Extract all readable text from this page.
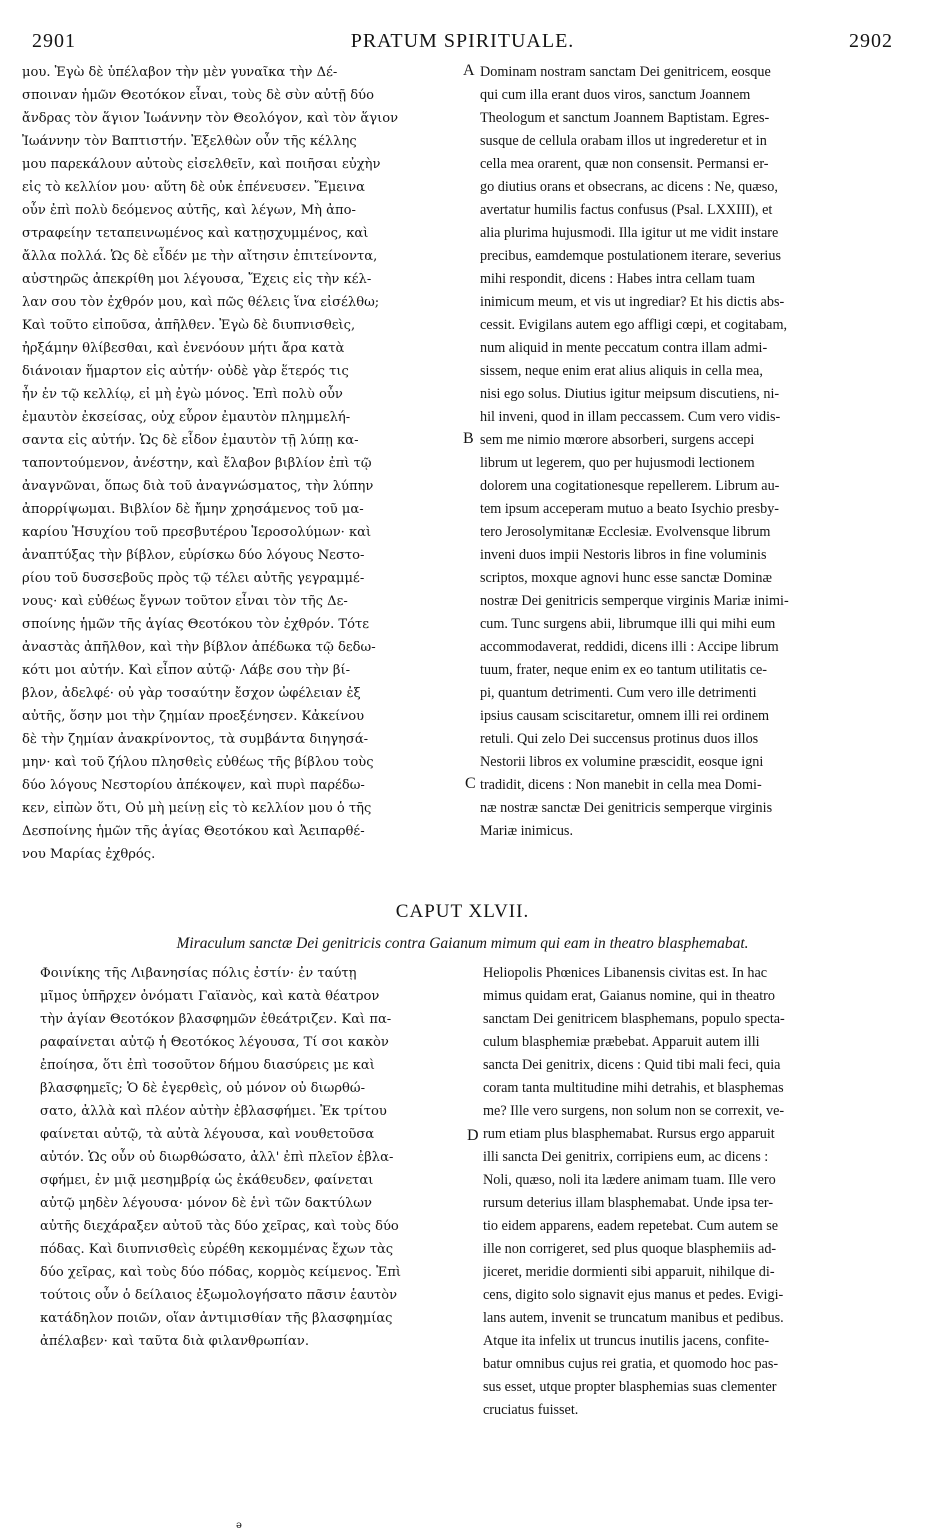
2901	PRATUM SPIRITUALE.	2902
μου. Ἐγὼ δὲ ὑπέλαβον τὴν μὲν γυναῖκα τὴν Δέ-
σποιναν ἡμῶν Θεοτόκον εἶναι, τοὺς δὲ σὺν αὐτῇ δύο
ἄνδρας τὸν ἅγιον Ἰωάννην τὸν Θεολόγον, καὶ τὸν ἅγιον
Ἰωάννην τὸν Βαπτιστήν. Ἐξελθὼν οὖν τῆς κέλλης
μου παρεκάλουν αὐτοὺς εἰσελθεῖν, καὶ ποιῆσαι εὐχὴν
εἰς τὸ κελλίον μου· αὕτη δὲ οὐκ ἐπένευσεν. Ἔμεινα
οὖν ἐπὶ πολὺ δεόμενος αὐτῆς, καὶ λέγων, Μὴ ἀπο-
στραφείην τεταπεινωμένος καὶ κατῃσχυμμένος, καὶ
ἄλλα πολλά. Ὡς δὲ εἶδέν με τὴν αἴτησιν ἐπιτείνοντα,
αὐστηρῶς ἀπεκρίθη μοι λέγουσα, Ἔχεις εἰς τὴν κέλ-
λαν σου τὸν ἐχθρόν μου, καὶ πῶς θέλεις ἵνα εἰσέλθω;
Καὶ τοῦτο εἰποῦσα, ἀπῆλθεν. Ἐγὼ δὲ διυπνισθεὶς,
ἠρξάμην θλίβεσθαι, καὶ ἐνενόουν μήτι ἄρα κατὰ
διάνοιαν ἥμαρτον εἰς αὐτήν· οὐδὲ γὰρ ἕτερός τις
ἦν ἐν τῷ κελλίῳ, εἰ μὴ ἐγὼ μόνος. Ἐπὶ πολὺ οὖν
ἐμαυτὸν ἐκσείσας, οὐχ εὗρον ἐμαυτὸν πλημμελή-
σαντα εἰς αὐτήν. Ὡς δὲ εἶδον ἐμαυτὸν τῇ λύπῃ κα-
ταποντούμενον, ἀνέστην, καὶ ἔλαβον βιβλίον ἐπὶ τῷ
ἀναγνῶναι, ὅπως διὰ τοῦ ἀναγνώσματος, τὴν λύπην
ἀπορρίψωμαι. Βιβλίον δὲ ἤμην χρησάμενος τοῦ μα-
καρίου Ἡσυχίου τοῦ πρεσβυτέρου Ἱεροσολύμων· καὶ
ἀναπτύξας τὴν βίβλον, εὑρίσκω δύο λόγους Νεστο-
ρίου τοῦ δυσσεβοῦς πρὸς τῷ τέλει αὐτῆς γεγραμμέ-
νους· καὶ εὐθέως ἔγνων τοῦτον εἶναι τὸν τῆς Δε-
σποίνης ἡμῶν τῆς ἁγίας Θεοτόκου τὸν ἐχθρόν. Τότε
ἀναστὰς ἀπῆλθον, καὶ τὴν βίβλον ἀπέδωκα τῷ δεδω-
κότι μοι αὐτήν. Καὶ εἶπον αὐτῷ· Λάβε σου τὴν βί-
βλον, ἀδελφέ· οὐ γὰρ τοσαύτην ἔσχον ὠφέλειαν ἐξ
αὐτῆς, ὅσην μοι τὴν ζημίαν προεξένησεν. Κἀκείνου
δὲ τὴν ζημίαν ἀνακρίνοντος, τὰ συμβάντα διηγησά-
μην· καὶ τοῦ ζήλου πλησθεὶς εὐθέως τῆς βίβλου τοὺς
δύο λόγους Νεστορίου ἀπέκοψεν, καὶ πυρὶ παρέδω-
κεν, εἰπὼν ὅτι, Οὐ μὴ μείνῃ εἰς τὸ κελλίον μου ὁ τῆς
Δεσποίνης ἡμῶν τῆς ἁγίας Θεοτόκου καὶ Ἀειπαρθέ-
νου Μαρίας ἐχθρός.
Dominam nostram sanctam Dei genitricem, eosque
qui cum illa erant duos viros, sanctum Joannem
Theologum et sanctum Joannem Baptistam. Egres-
susque de cellula orabam illos ut ingrederetur et in
cella mea orarent, quæ non consensit. Permansi er-
go diutius orans et obsecrans, ac dicens : Ne, quæso,
avertatur humilis factus confusus (Psal. LXXIII), et
alia plurima hujusmodi. Illa igitur ut me vidit instare
precibus, eamdemque postulationem iterare, severius
mihi respondit, dicens : Habes intra cellam tuam
inimicum meum, et vis ut ingrediar? Et his dictis abs-
cessit. Evigilans autem ego affligi cœpi, et cogitabam,
num aliquid in mente peccatum contra illam admi-
sissem, neque enim erat alius aliquis in cella mea,
nisi ego solus. Diutius igitur meipsum discutiens, ni-
hil inveni, quod in illam peccassem. Cum vero vidis-
sem me nimio mœrore absorberi, surgens accepi
librum ut legerem, quo per hujusmodi lectionem
dolorem una cogitationesque repellerem. Librum au-
tem ipsum acceperam mutuo a beato Isychio presby-
tero Jerosolymitanæ Ecclesiæ. Evolvensque librum
inveni duos impii Nestoris libros in fine voluminis
scriptos, moxque agnovi hunc esse sanctæ Dominæ
nostræ Dei genitricis semperque virginis Mariæ inimi-
cum. Tunc surgens abii, librumque illi qui mihi eum
accommodaverat, reddidi, dicens illi : Accipe librum
tuum, frater, neque enim ex eo tantum utilitatis ce-
pi, quantum detrimenti. Cum vero ille detrimenti
ipsius causam sciscitaretur, omnem illi rei ordinem
retuli. Qui zelo Dei succensus protinus duos illos
Nestorii libros ex volumine præscidit, eosque igni
tradidit, dicens : Non manebit in cella mea Domi-
næ nostræ sanctæ Dei genitricis semperque virginis
Mariæ inimicus.
A
B
C
CAPUT XLVII.
Miraculum sanctæ Dei genitricis contra Gaianum mimum qui eam in theatro blasphemabat.
Φοινίκης τῆς Λιβανησίας πόλις ἐστίν· ἐν ταύτῃ
μῖμος ὑπῆρχεν ὀνόματι Γαϊανὸς, καὶ κατὰ θέατρον
τὴν ἁγίαν Θεοτόκον βλασφημῶν ἐθεάτριζεν. Καὶ πα-
ραφαίνεται αὐτῷ ἡ Θεοτόκος λέγουσα, Τί σοι κακὸν
ἐποίησα, ὅτι ἐπὶ τοσοῦτον δήμου διασύρεις με καὶ
βλασφημεῖς; Ὁ δὲ ἐγερθεὶς, οὐ μόνον οὐ διωρθώ-
σατο, ἀλλὰ καὶ πλέον αὐτὴν ἐβλασφήμει. Ἐκ τρίτου
φαίνεται αὐτῷ, τὰ αὐτὰ λέγουσα, καὶ νουθετοῦσα
αὐτόν. Ὡς οὖν οὐ διωρθώσατο, ἀλλ' ἐπὶ πλεῖον ἐβλα-
σφήμει, ἐν μιᾷ μεσημβρίᾳ ὡς ἐκάθευδεν, φαίνεται
αὐτῷ μηδὲν λέγουσα· μόνον δὲ ἑνὶ τῶν δακτύλων
αὐτῆς διεχάραξεν αὐτοῦ τὰς δύο χεῖρας, καὶ τοὺς δύο
πόδας. Καὶ διυπνισθεὶς εὑρέθη κεκομμένας ἔχων τὰς
δύο χεῖρας, καὶ τοὺς δύο πόδας, κορμὸς κείμενος. Ἐπὶ
τούτοις οὖν ὁ δείλαιος ἐξωμολογήσατο πᾶσιν ἑαυτὸν
κατάδηλον ποιῶν, οἵαν ἀντιμισθίαν τῆς βλασφημίας
ἀπέλαβεν· καὶ ταῦτα διὰ φιλανθρωπίαν.
Heliopolis Phœnices Libanensis civitas est. In hac
mimus quidam erat, Gaianus nomine, qui in theatro
sanctam Dei genitricem blasphemans, populo specta-
culum blasphemiæ præbebat. Apparuit autem illi
sancta Dei genitrix, dicens : Quid tibi mali feci, quia
coram tanta multitudine mihi detrahis, et blasphemas
me? Ille vero surgens, non solum non se correxit, ve-
rum etiam plus blasphemabat. Rursus ergo apparuit
illi sancta Dei genitrix, corripiens eum, ac dicens :
Noli, quæso, noli ita lædere animam tuam. Ille vero
rursum deterius illam blasphemabat. Unde ipsa ter-
tio eidem apparens, eadem repetebat. Cum autem se
ille non corrigeret, sed plus quoque blasphemiis ad-
jiceret, meridie dormienti sibi apparuit, nihilque di-
cens, digito solo signavit ejus manus et pedes. Evigi-
lans autem, invenit se truncatum manibus et pedibus.
Atque ita infelix ut truncus inutilis jacens, confite-
batur omnibus cujus rei gratia, et quomodo hoc pas-
sus esset, utque propter blasphemias suas clementer
cruciatus fuisset.
D
ə
